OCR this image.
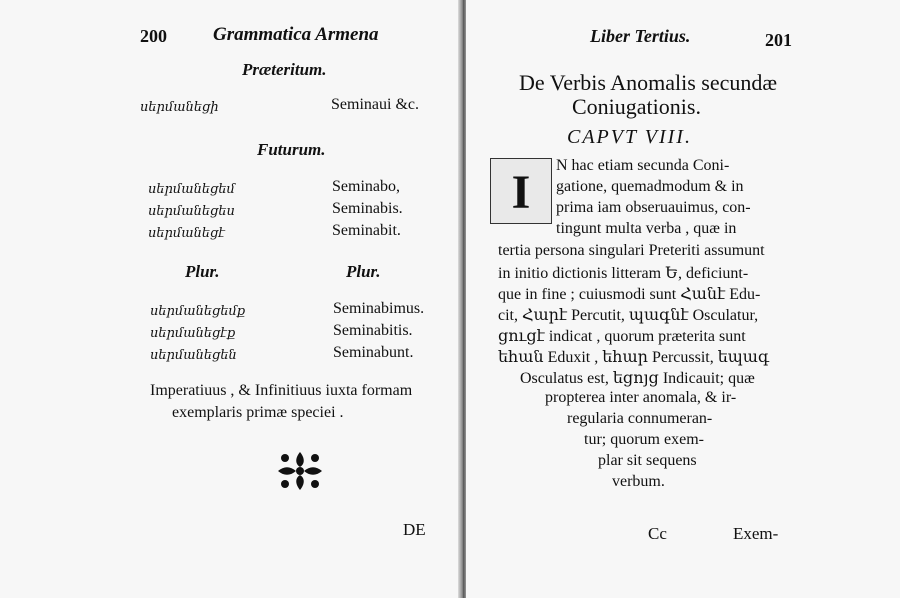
200 Grammatica Armena
Præteritum.
սերմանեցի	Seminaui &c.
Futurum.
սերմանեցեմ	Seminabo,
սերմանեցես	Seminabis.
սերմանեցէ	Seminabit.
Plur.	Plur.
սերմանեցեմք	Seminabimus.
սերմանեցէք	Seminabitis.
սերմանեցեն	Seminabunt.
Imperatiuus , & Infinitiuus iuxta formam
exemplaris primæ speciei .
DE
Liber Tertius.	201
De Verbis Anomalis secundæ
Coniugationis.
CAPVT VIII.
I
N hac etiam secunda Coni-
gatione, quemadmodum & in
prima iam obseruauimus, con-
tingunt multa verba , quæ in
tertia persona singulari Preteriti assumunt
in initio dictionis litteram Ե, deficiunt-
que in fine ; cuiusmodi sunt Հանէ Edu-
cit, Հարէ Percutit, պագնէ Osculatur,
ցուցէ indicat , quorum præterita sunt
եհան Eduxit , եհար Percussit, եպագ
Osculatus est, եցոյց Indicauit; quæ
propterea inter anomala, & ir-
regularia connumeran-
tur; quorum exem-
plar sit sequens
verbum.
Cc	Exem-
